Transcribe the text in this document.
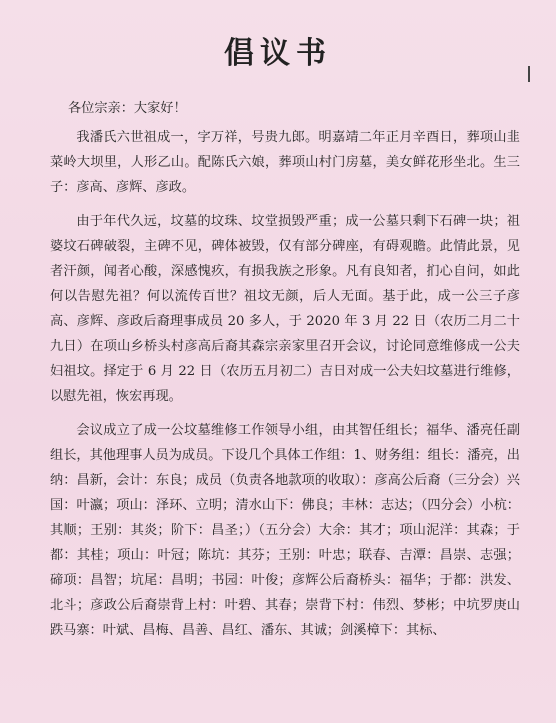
倡议书

各位宗亲：大家好！

我潘氏六世祖成一，字万祥，号贵九郎。明嘉靖二年正月辛酉日，葬项山韭菜岭大坝里，人形乙山。配陈氏六娘，葬项山村门房墓，美女鲜花形坐北。生三子：彦高、彦辉、彦政。

由于年代久远，坟墓的坟珠、坟堂损毁严重；成一公墓只剩下石碑一块；祖婆坟石碑破裂，主碑不见，碑体被毁，仅有部分碑座，有碍观瞻。此情此景，见者汗颜，闻者心酸，深感愧疚，有损我族之形象。凡有良知者，扪心自问，如此何以告慰先祖？何以流传百世？祖坟无颜，后人无面。基于此，成一公三子彦高、彦辉、彦政后裔理事成员 20 多人，于 2020 年 3 月 22 日（农历二月二十九日）在项山乡桥头村彦高后裔其森宗亲家里召开会议，讨论同意维修成一公夫妇祖坟。择定于 6 月 22 日（农历五月初二）吉日对成一公夫妇坟墓进行维修，以慰先祖，恢宏再现。

会议成立了成一公坟墓维修工作领导小组，由其智任组长；福华、潘亮任副组长，其他理事人员为成员。下设几个具体工作组：1、财务组：组长：潘亮，出纳：昌新，会计：东良；成员（负责各地款项的收取）：彦高公后裔（三分会）兴国：叶瀛；项山：泽环、立明；清水山下：佛良；丰林：志达；（四分会）小杭：其顺；王别：其炎；阶下：昌圣；）（五分会）大余：其才；项山泥洋：其森；于都：其桂；项山：叶冠；陈坑：其芬；王别：叶忠；联春、吉潭：昌崇、志强；碲项：昌智；坑尾：昌明；书园：叶俊；彦辉公后裔桥头：福华；于都：洪发、北斗；彦政公后裔崇背上村：叶碧、其春；崇背下村：伟烈、梦彬；中坑罗庚山跌马寨：叶斌、昌梅、昌善、昌红、潘东、其诚；剑溪樟下：其标、
